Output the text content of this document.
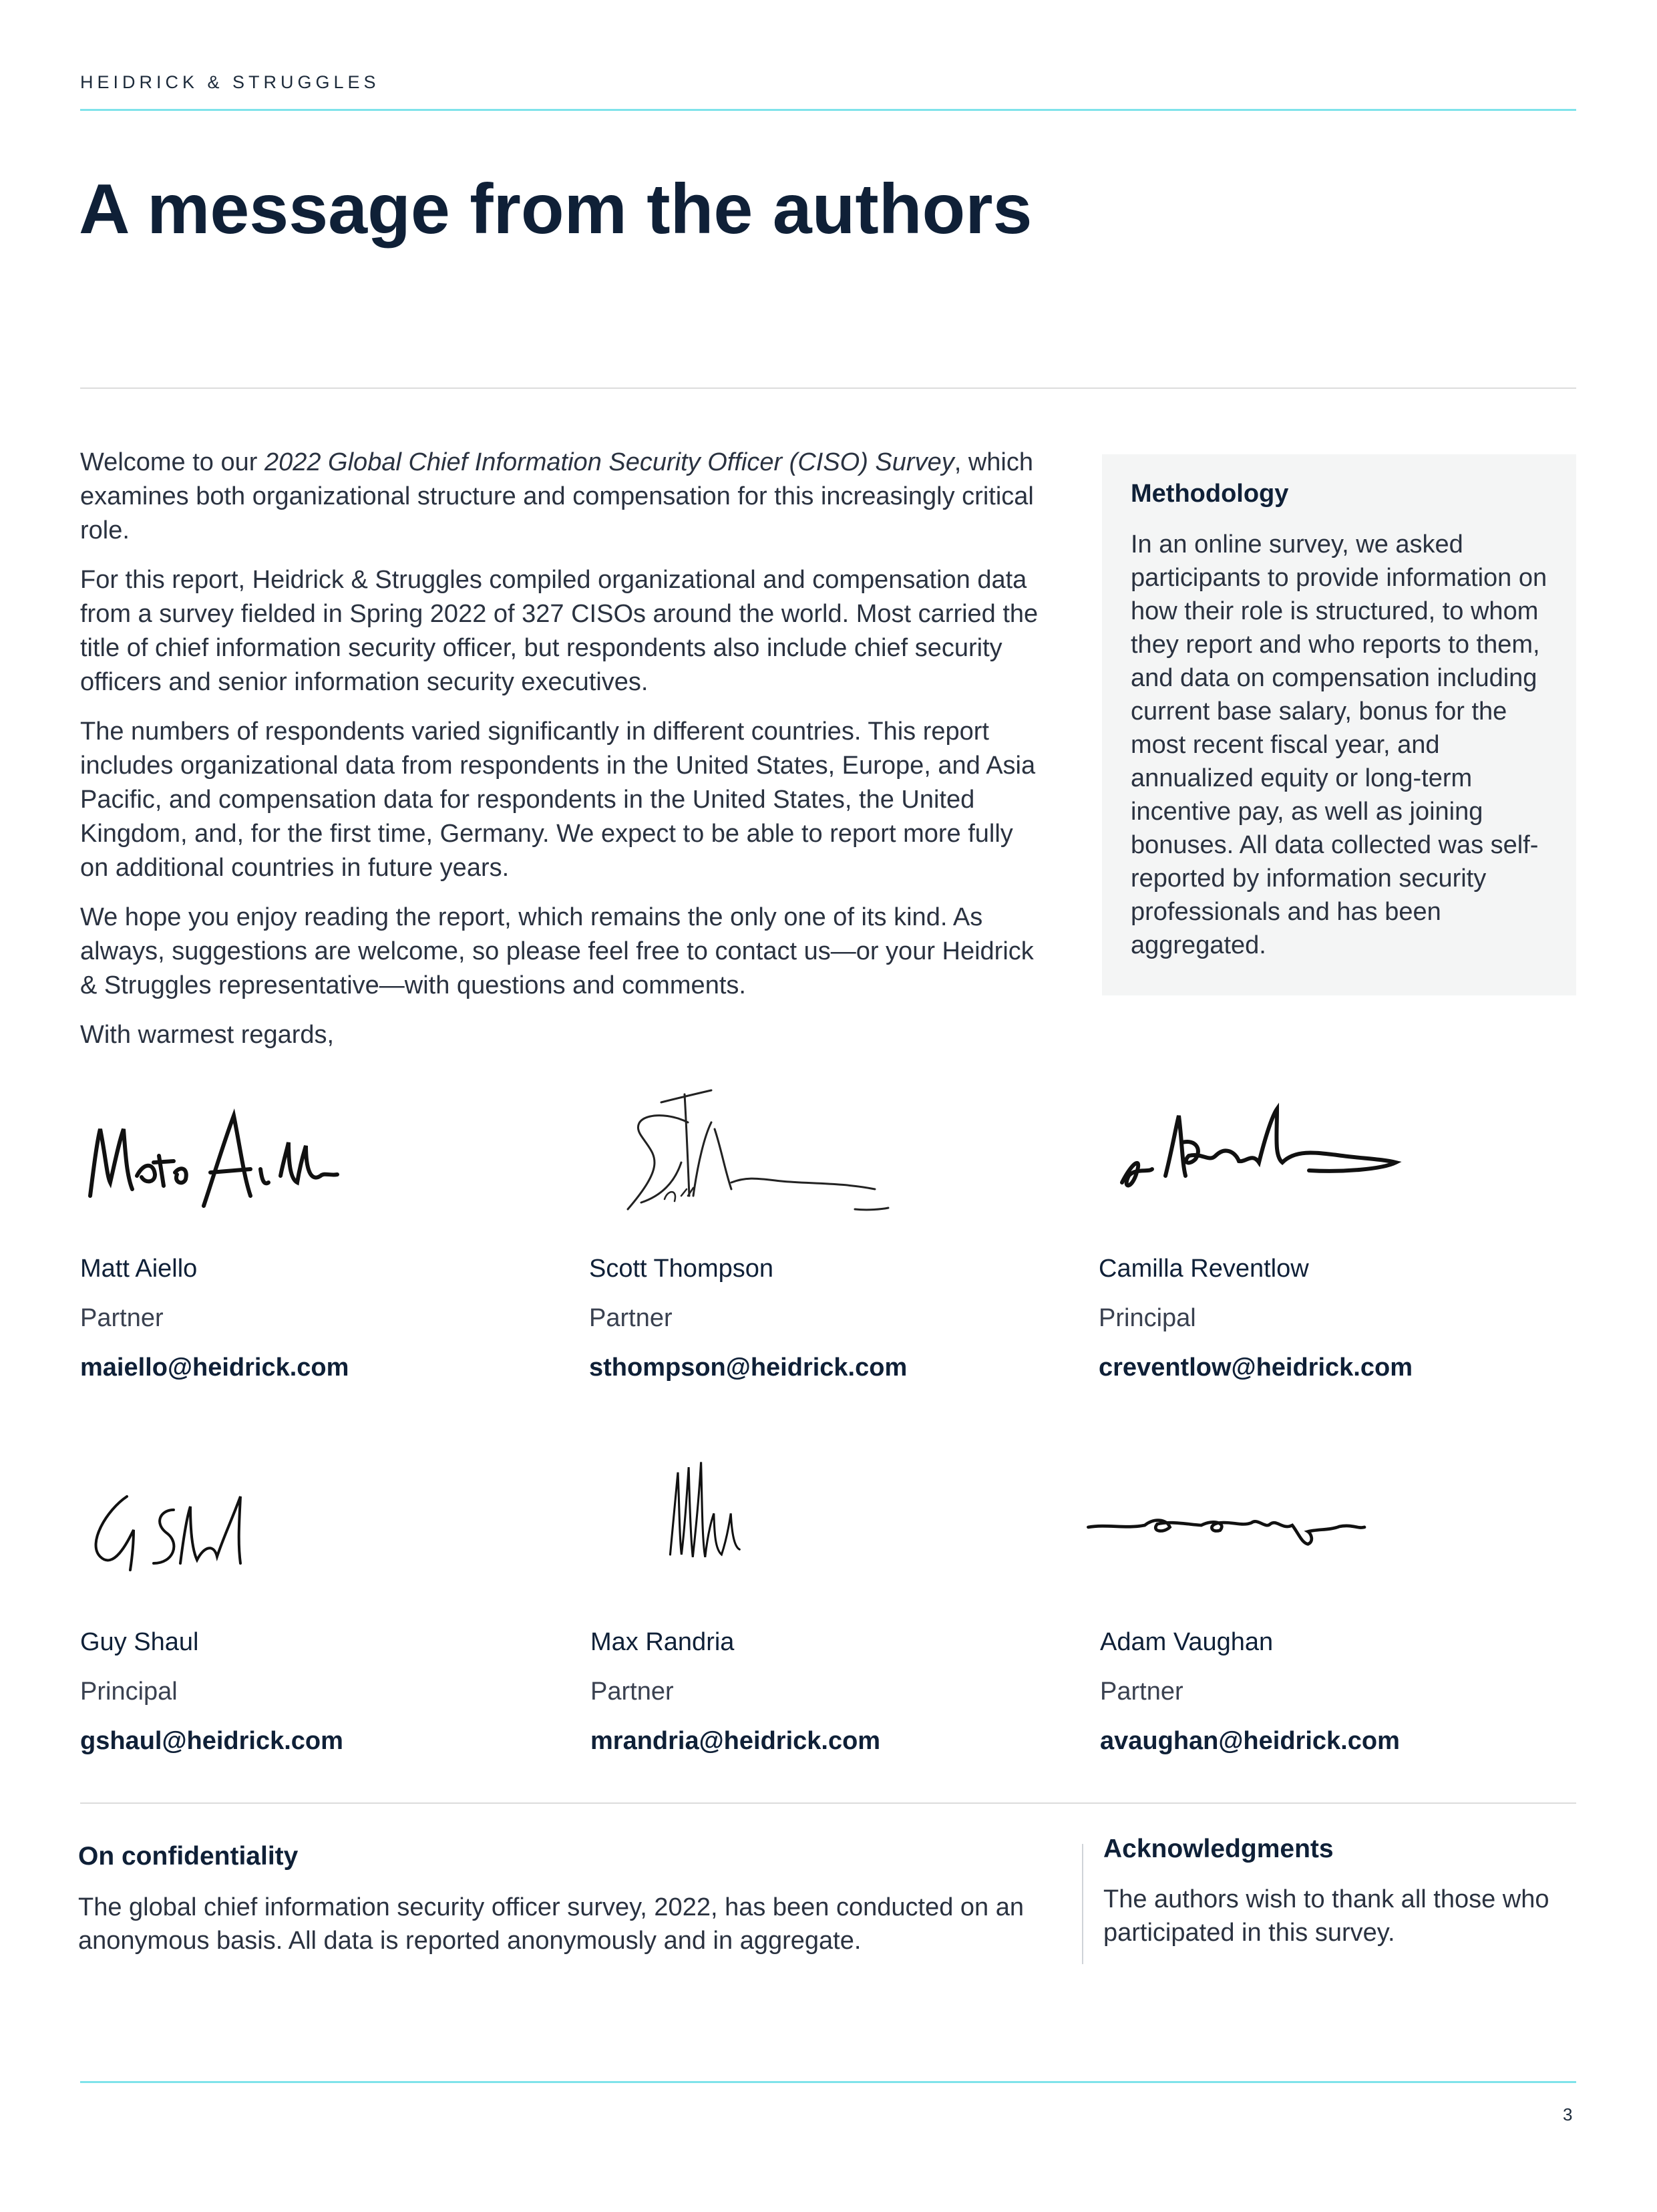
HEIDRICK & STRUGGLES
A message from the authors

Welcome to our 2022 Global Chief Information Security Officer (CISO) Survey, which examines both organizational structure and compensation for this increasingly critical role.

For this report, Heidrick & Struggles compiled organizational and compensation data from a survey fielded in Spring 2022 of 327 CISOs around the world. Most carried the title of chief information security officer, but respondents also include chief security officers and senior information security executives.

The numbers of respondents varied significantly in different countries. This report includes organizational data from respondents in the United States, Europe, and Asia Pacific, and compensation data for respondents in the United States, the United Kingdom, and, for the first time, Germany. We expect to be able to report more fully on additional countries in future years.

We hope you enjoy reading the report, which remains the only one of its kind. As always, suggestions are welcome, so please feel free to contact us—or your Heidrick & Struggles representative—with questions and comments.

With warmest regards,

Methodology
In an online survey, we asked participants to provide information on how their role is structured, to whom they report and who reports to them, and data on compensation including current base salary, bonus for the most recent fiscal year, and annualized equity or long-term incentive pay, as well as joining bonuses. All data collected was self-reported by information security professionals and has been aggregated.
Matt Aiello
Partner
maiello@heidrick.com
Scott Thompson
Partner
sthompson@heidrick.com
Camilla Reventlow
Principal
creventlow@heidrick.com
Guy Shaul
Principal
gshaul@heidrick.com
Max Randria
Partner
mrandria@heidrick.com
Adam Vaughan
Partner
avaughan@heidrick.com
On confidentiality
The global chief information security officer survey, 2022, has been conducted on an anonymous basis. All data is reported anonymously and in aggregate.
Acknowledgments
The authors wish to thank all those who participated in this survey.
3
